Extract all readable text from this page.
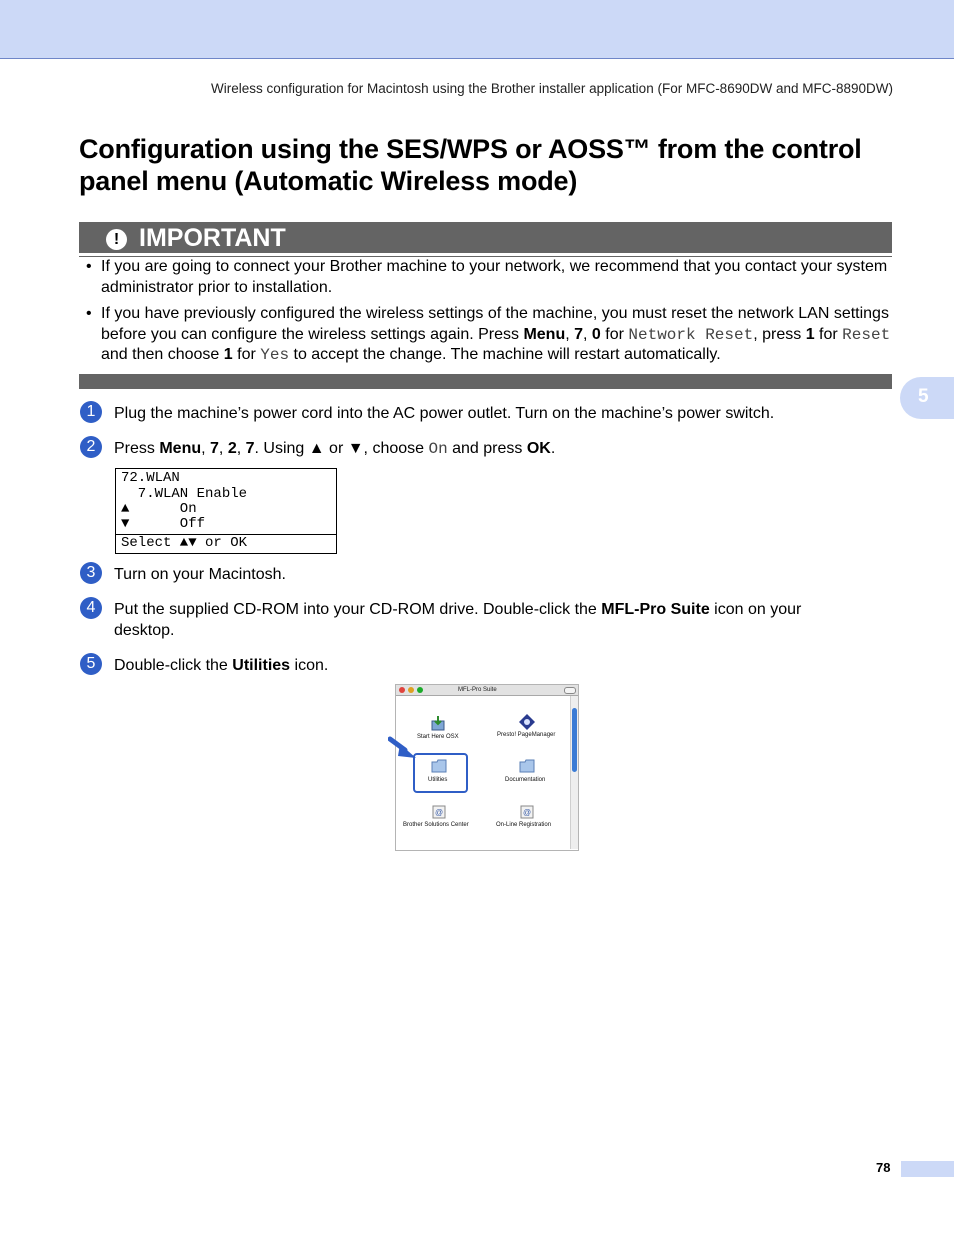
Wireless configuration for Macintosh using the Brother installer application (For MFC-8690DW and MFC-8890DW)
Configuration using the SES/WPS or AOSS™ from the control panel menu (Automatic Wireless mode)
! IMPORTANT
• If you are going to connect your Brother machine to your network, we recommend that you contact your system administrator prior to installation.
• If you have previously configured the wireless settings of the machine, you must reset the network LAN settings before you can configure the wireless settings again. Press Menu, 7, 0 for Network Reset, press 1 for Reset and then choose 1 for Yes to accept the change. The machine will restart automatically.
5
1	Plug the machine’s power cord into the AC power outlet. Turn on the machine’s power switch.
2	Press Menu, 7, 2, 7. Using ▲ or ▼, choose On and press OK.
72.WLAN
7.WLAN Enable
▲      On
▼      Off
Select ▲▼ or OK
3	Turn on your Macintosh.
4	Put the supplied CD-ROM into your CD-ROM drive. Double-click the MFL-Pro Suite icon on your desktop.
5	Double-click the Utilities icon.
MFL-Pro Suite
Start Here OSX	Presto! PageManager
Utilities	Documentation
@
Brother Solutions Center
@
On-Line Registration
78
